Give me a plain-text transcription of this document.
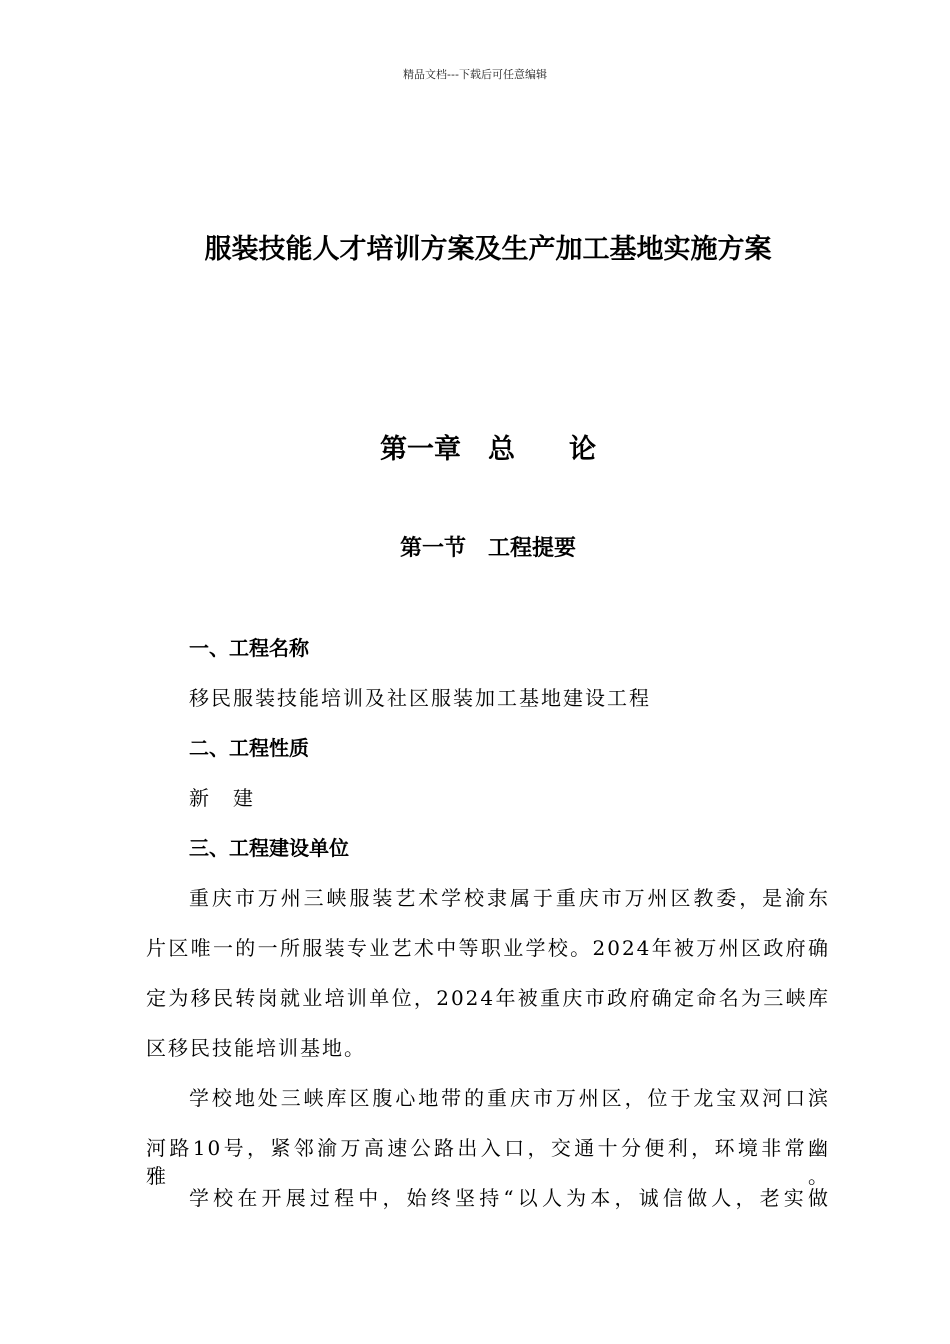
精品文档---下载后可任意编辑
服装技能人才培训方案及生产加工基地实施方案
第一章　总　　论
第一节　工程提要
一、工程名称
移民服装技能培训及社区服装加工基地建设工程
二、工程性质
新　建
三、工程建设单位
重庆市万州三峡服装艺术学校隶属于重庆市万州区教委，是渝东
片区唯一的一所服装专业艺术中等职业学校。2024年被万州区政府确
定为移民转岗就业培训单位，2024年被重庆市政府确定命名为三峡库
区移民技能培训基地。
学校地处三峡库区腹心地带的重庆市万州区，位于龙宝双河口滨
河路10号，紧邻渝万高速公路出入口，交通十分便利，环境非常幽雅。
学校在开展过程中，始终坚持“以人为本，诚信做人，老实做
